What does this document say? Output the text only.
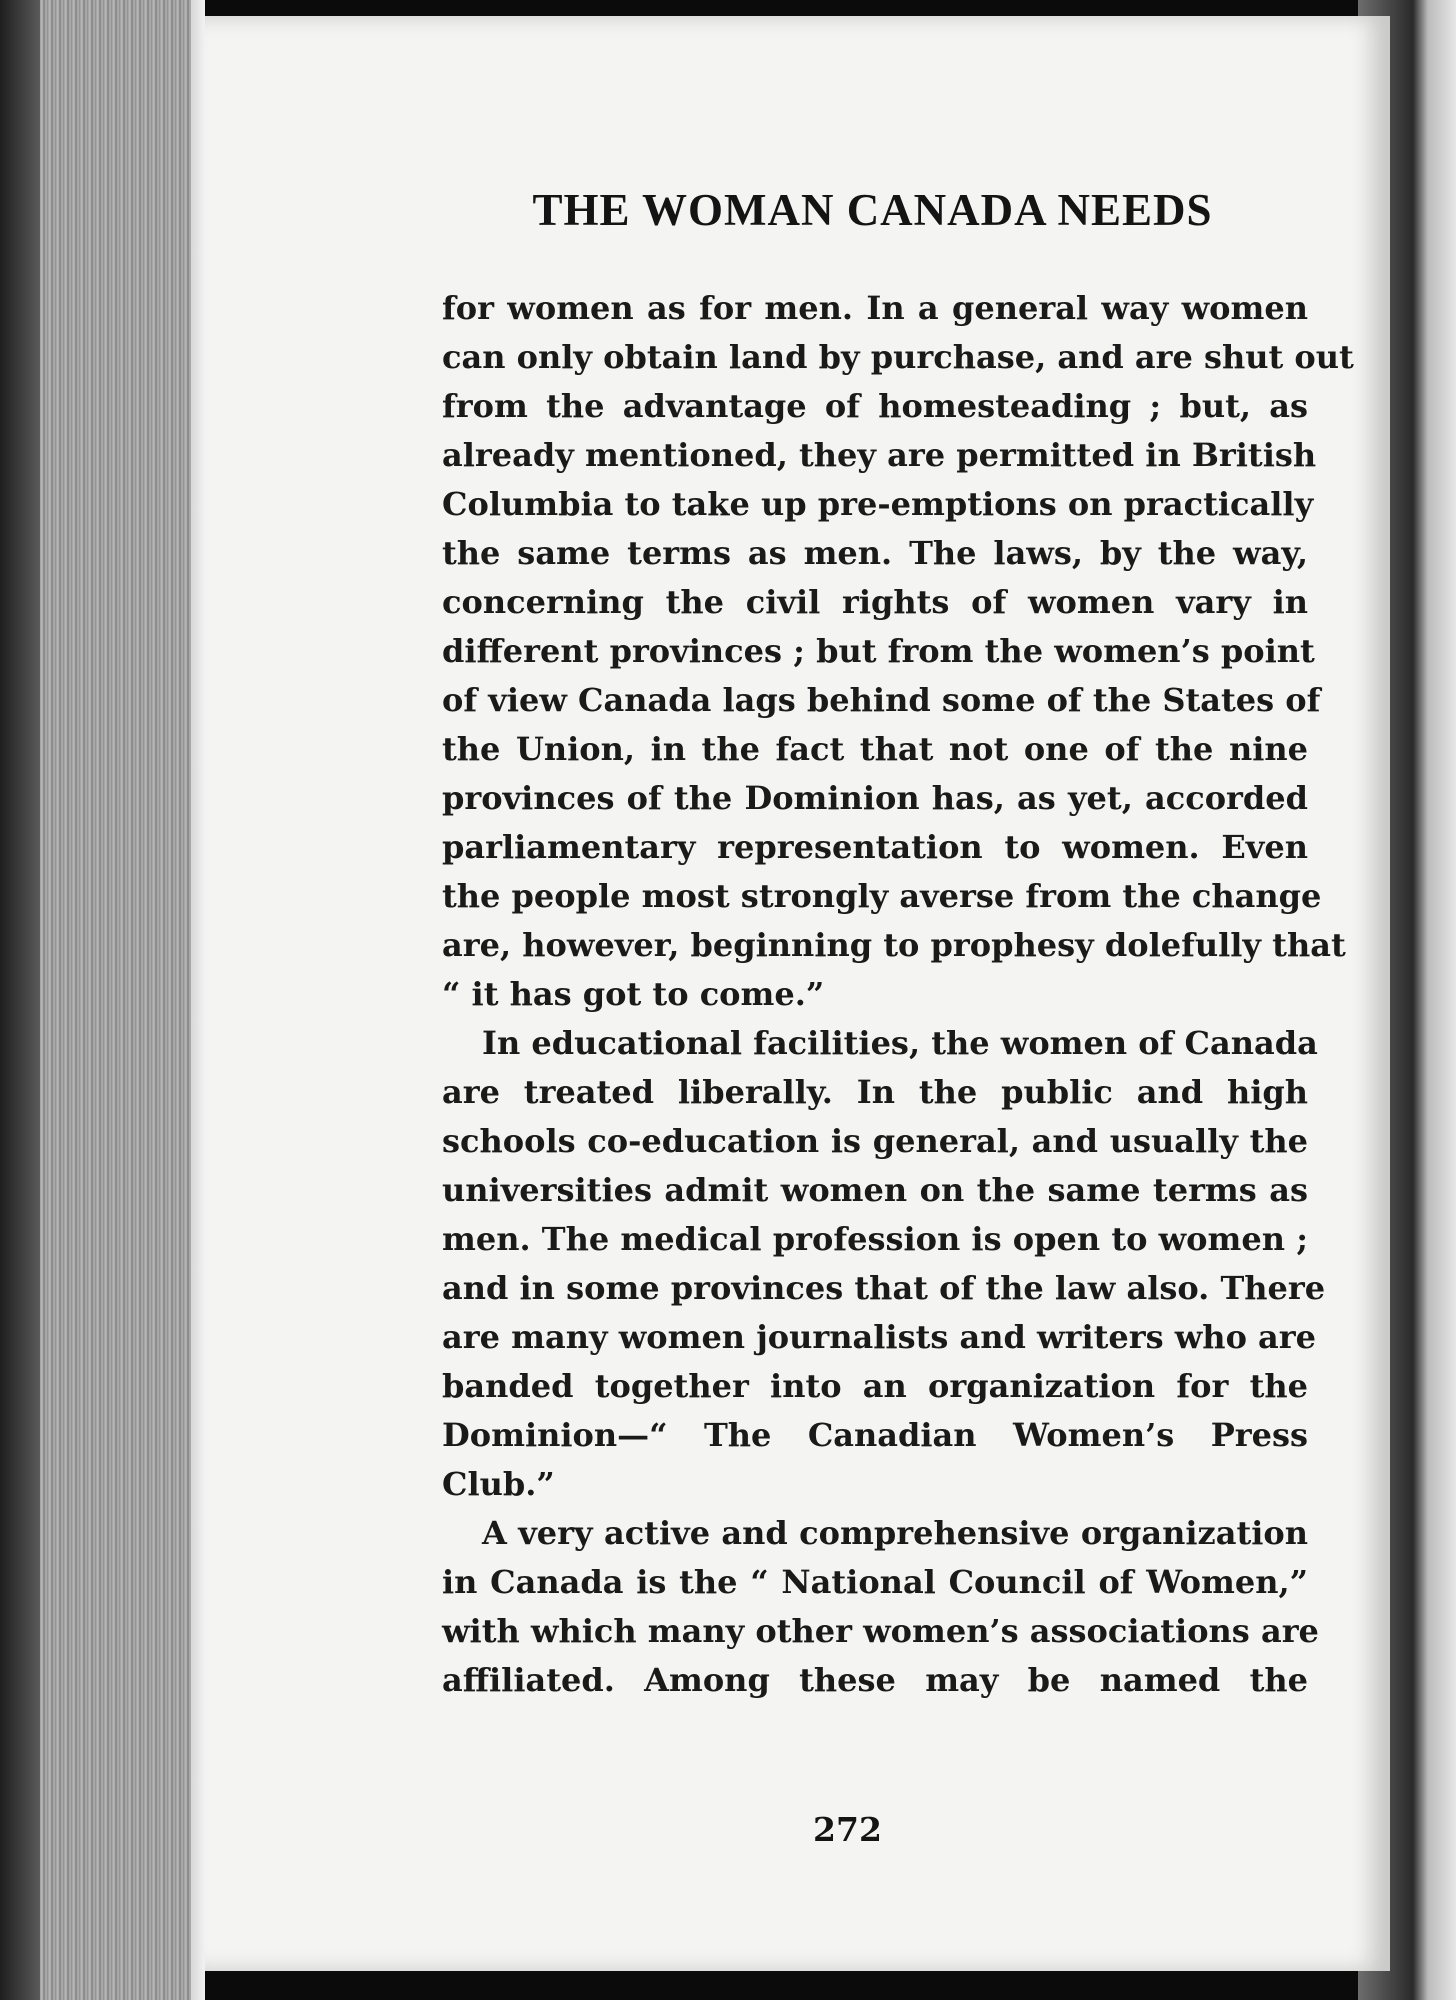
THE WOMAN CANADA NEEDS
for women as for men. In a general way women
can only obtain land by purchase, and are shut out
from the advantage of homesteading ; but, as
already mentioned, they are permitted in British
Columbia to take up pre-emptions on practically
the same terms as men. The laws, by the way,
concerning the civil rights of women vary in
different provinces ; but from the women’s point
of view Canada lags behind some of the States of
the Union, in the fact that not one of the nine
provinces of the Dominion has, as yet, accorded
parliamentary representation to women. Even
the people most strongly averse from the change
are, however, beginning to prophesy dolefully that
“ it has got to come.”
In educational facilities, the women of Canada
are treated liberally. In the public and high
schools co-education is general, and usually the
universities admit women on the same terms as
men. The medical profession is open to women ;
and in some provinces that of the law also. There
are many women journalists and writers who are
banded together into an organization for the
Dominion—“ The Canadian Women’s Press
Club.”
A very active and comprehensive organization
in Canada is the “ National Council of Women,”
with which many other women’s associations are
affiliated. Among these may be named the
272
